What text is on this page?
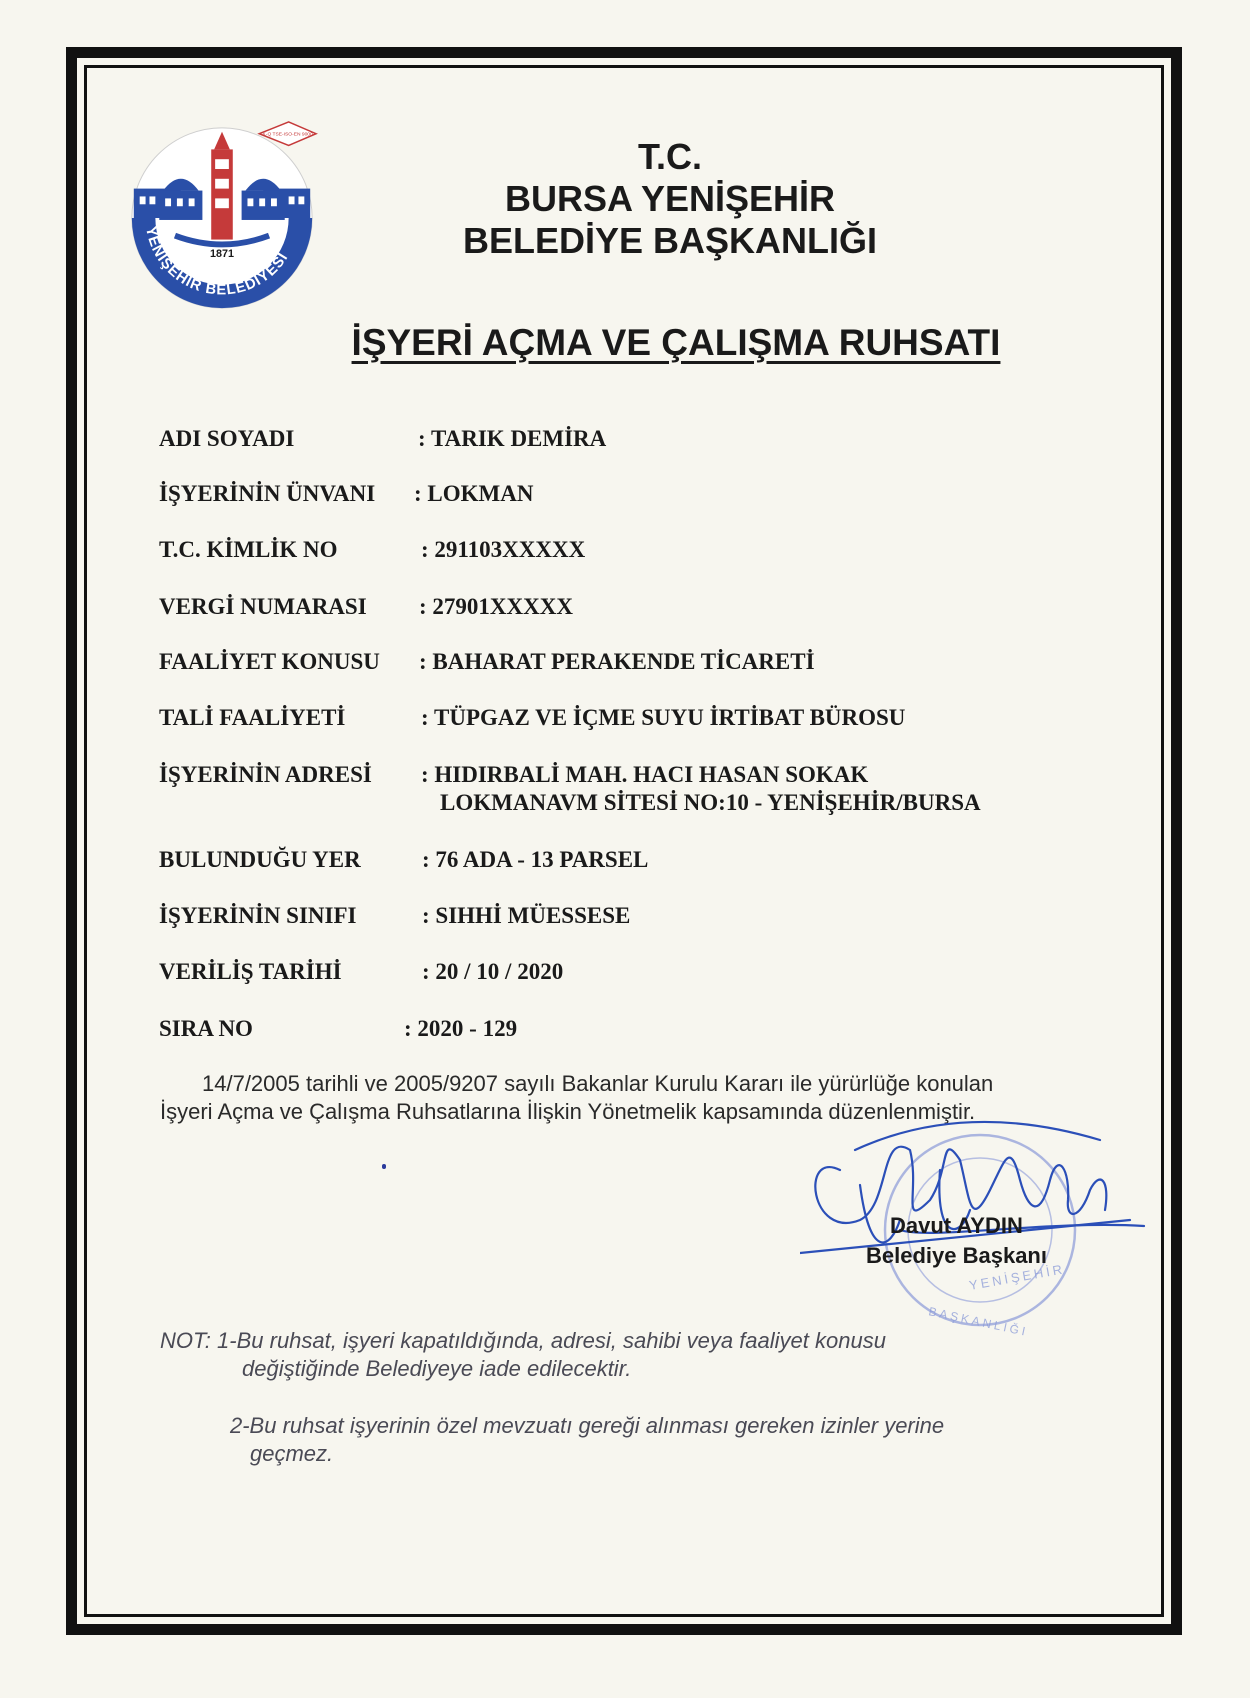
YENİŞEHİR BELEDİYESİ
1871
K-Q TSE-ISO-EN 9000
T.C.
BURSA YENİŞEHİR
BELEDİYE BAŞKANLIĞI
İŞYERİ AÇMA VE ÇALIŞMA RUHSATI
ADI SOYADI	: TARIK DEMİRA
İŞYERİNİN ÜNVANI : LOKMAN
T.C. KİMLİK NO	: 291103XXXXX
VERGİ NUMARASI : 27901XXXXX
FAALİYET KONUSU : BAHARAT PERAKENDE TİCARETİ
TALİ FAALİYETİ	: TÜPGAZ VE İÇME SUYU İRTİBAT BÜROSU
İŞYERİNİN ADRESİ : HIDIRBALİ MAH. HACI HASAN SOKAK
LOKMANAVM SİTESİ NO:10 - YENİŞEHİR/BURSA
BULUNDUĞU YER	: 76 ADA - 13 PARSEL
İŞYERİNİN SINIFI	: SIHHİ MÜESSESE
VERİLİŞ TARİHİ	: 20 / 10 / 2020
SIRA NO	: 2020 - 129
14/7/2005 tarihli ve 2005/9207 sayılı Bakanlar Kurulu Kararı ile yürürlüğe konulan
İşyeri Açma ve Çalışma Ruhsatlarına İlişkin Yönetmelik kapsamında düzenlenmiştir.
YENİŞEHİR
BAŞKANLIĞI
Davut AYDIN
Belediye Başkanı
NOT: 1-Bu ruhsat, işyeri kapatıldığında, adresi, sahibi veya faaliyet konusu
değiştiğinde Belediyeye iade edilecektir.
2-Bu ruhsat işyerinin özel mevzuatı gereği alınması gereken izinler yerine
geçmez.
